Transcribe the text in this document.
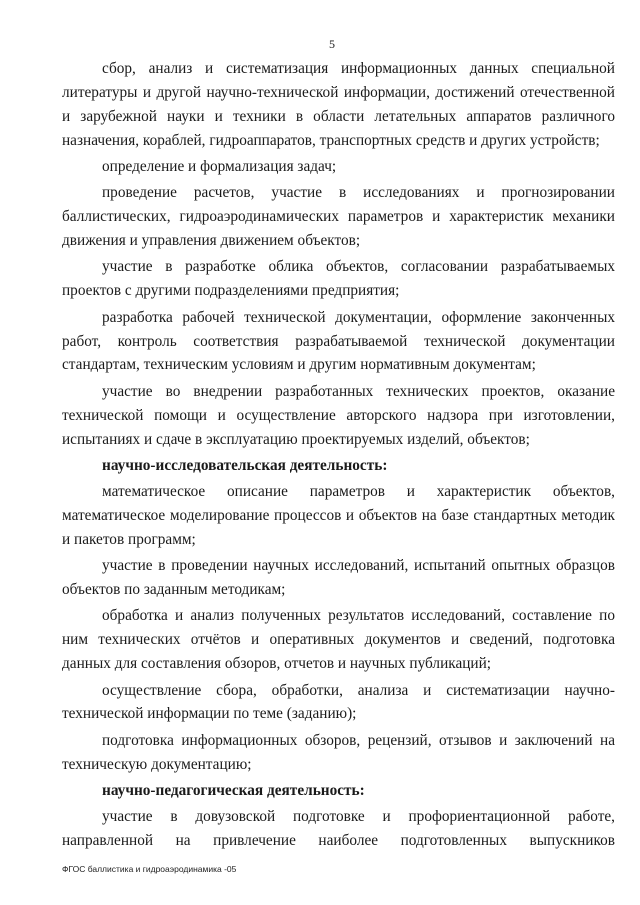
5

сбор, анализ и систематизация информационных данных специальной литературы и другой научно-технической информации, достижений отечественной и зарубежной науки и техники в области летательных аппаратов различного назначения, кораблей, гидроаппаратов, транспортных средств и других устройств;

определение и формализация задач;

проведение расчетов, участие в исследованиях и прогнозировании баллистических, гидроаэродинамических параметров и характеристик механики движения и управления движением объектов;

участие в разработке облика объектов, согласовании разрабатываемых проектов с другими подразделениями предприятия;

разработка рабочей технической документации, оформление законченных работ, контроль соответствия разрабатываемой технической документации стандартам, техническим условиям и другим нормативным документам;

участие во внедрении разработанных технических проектов, оказание технической помощи и осуществление авторского надзора при изготовлении, испытаниях и сдаче в эксплуатацию проектируемых изделий, объектов;

научно-исследовательская деятельность:

математическое описание параметров и характеристик объектов, математическое моделирование процессов и объектов на базе стандартных методик и пакетов программ;

участие в проведении научных исследований, испытаний опытных образцов объектов по заданным методикам;

обработка и анализ полученных результатов исследований, составление по ним технических отчётов и оперативных документов и сведений, подготовка данных для составления обзоров, отчетов и научных публикаций;

осуществление сбора, обработки, анализа и систематизации научно-технической информации по теме (заданию);

подготовка информационных обзоров, рецензий, отзывов и заключений на техническую документацию;

научно-педагогическая деятельность:

участие в довузовской подготовке и профориентационной работе, направленной на привлечение наиболее подготовленных выпускников

ФГОС баллистика и гидроаэродинамика -05
